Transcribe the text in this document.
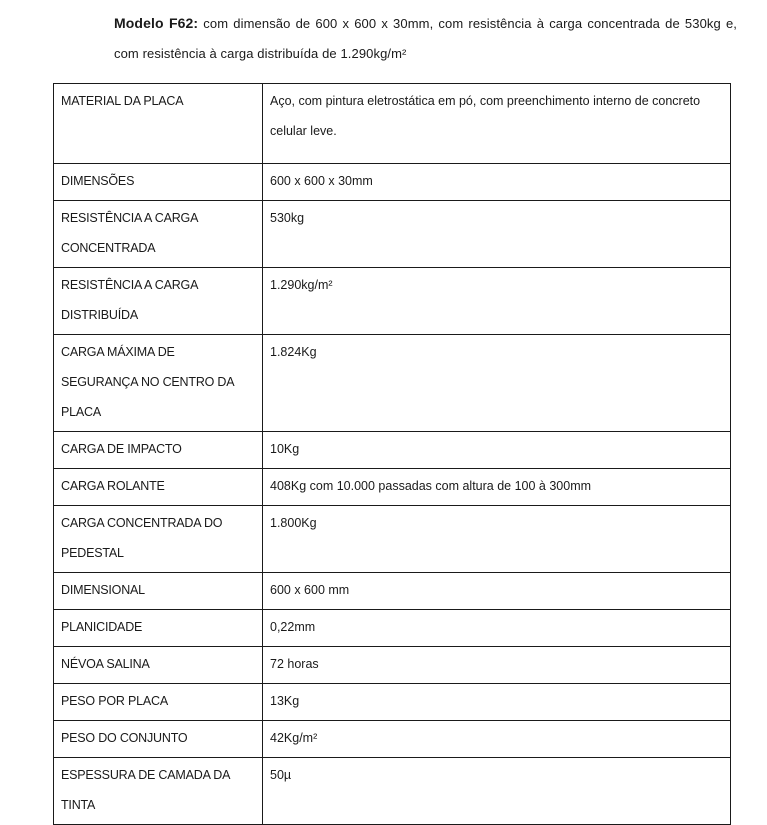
Modelo F62: com dimensão de 600 x 600 x 30mm, com resistência à carga concentrada de 530kg e, com resistência à carga distribuída de 1.290kg/m²

MATERIAL DA PLACA	Aço, com pintura eletrostática em pó, com preenchimento interno de concreto celular leve.
DIMENSÕES	600 x 600 x 30mm
RESISTÊNCIA A CARGA CONCENTRADA	530kg
RESISTÊNCIA A CARGA DISTRIBUÍDA	1.290kg/m²
CARGA MÁXIMA DE SEGURANÇA NO CENTRO DA PLACA	1.824Kg
CARGA DE IMPACTO	10Kg
CARGA ROLANTE	408Kg com 10.000 passadas com altura de 100 à 300mm
CARGA CONCENTRADA DO PEDESTAL	1.800Kg
DIMENSIONAL	600 x 600 mm
PLANICIDADE	0,22mm
NÉVOA SALINA	72 horas
PESO POR PLACA	13Kg
PESO DO CONJUNTO	42Kg/m²
ESPESSURA DE CAMADA DA TINTA	50µ
